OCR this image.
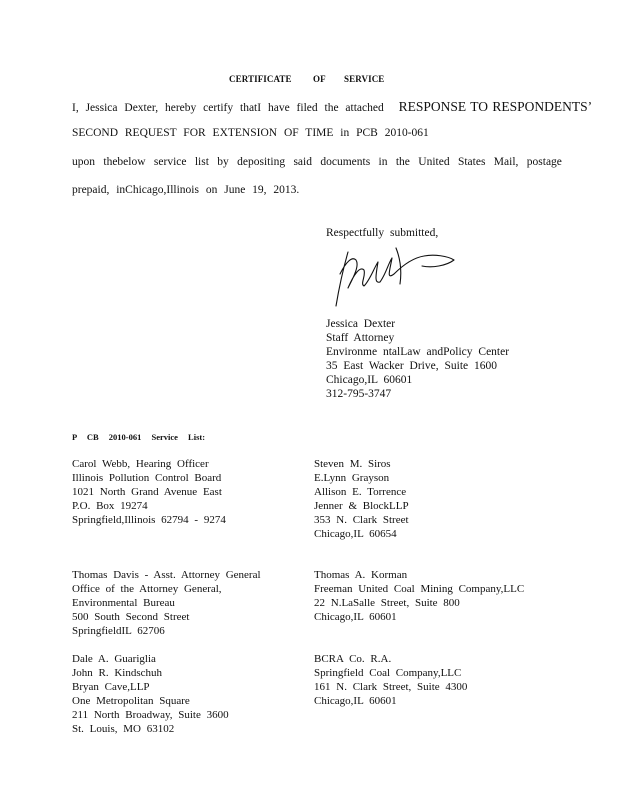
CERTIFICATE OF SERVICE
I, Jessica Dexter, hereby certify thatI have filed the attached RESPONSE TO RESPONDENTS’
SECOND REQUEST FOR EXTENSION OF TIME in PCB 2010-061
upon thebelow service list by depositing said documents in the United States Mail, postage
prepaid, inChicago,Illinois on June 19, 2013.
Respectfully submitted,
Jessica Dexter
Staff Attorney
Environme ntalLaw andPolicy Center
35 East Wacker Drive, Suite 1600
Chicago,IL 60601
312-795-3747
P CB 2010-061 Service List:
Carol Webb, Hearing Officer
Illinois Pollution Control Board
1021 North Grand Avenue East
P.O. Box 19274
Springfield,Illinois 62794 - 9274
Thomas Davis - Asst. Attorney General
Office of the Attorney General,
Environmental Bureau
500 South Second Street
SpringfieldIL 62706
Dale A. Guariglia
John R. Kindschuh
Bryan Cave,LLP
One Metropolitan Square
211 North Broadway, Suite 3600
St. Louis, MO 63102
Steven M. Siros
E.Lynn Grayson
Allison E. Torrence
Jenner & BlockLLP
353 N. Clark Street
Chicago,IL 60654
Thomas A. Korman
Freeman United Coal Mining Company,LLC
22 N.LaSalle Street, Suite 800
Chicago,IL 60601
BCRA Co. R.A.
Springfield Coal Company,LLC
161 N. Clark Street, Suite 4300
Chicago,IL 60601
